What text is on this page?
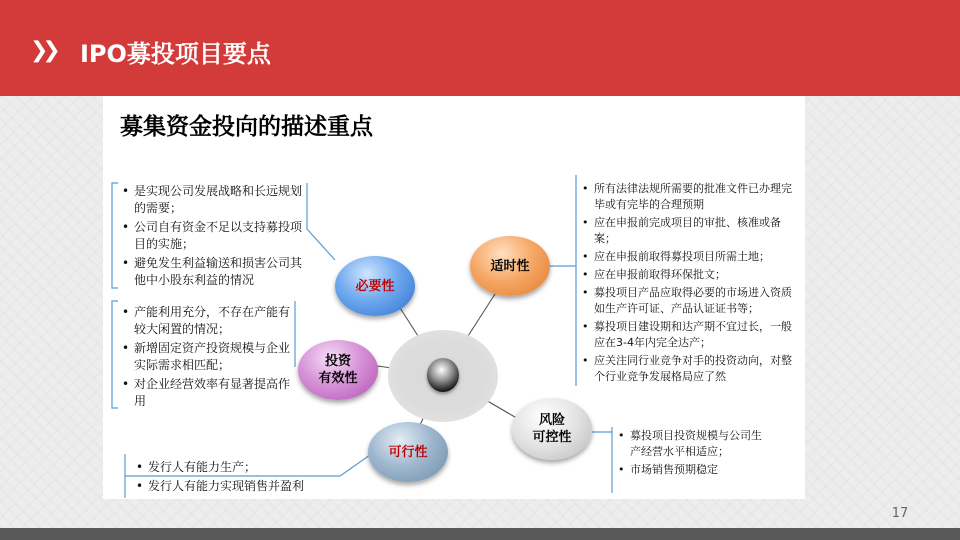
❯❯ IPO募投项目要点
募集资金投向的描述重点
必要性
适时性
投资
有效性
可行性
风险
可控性
• 是实现公司发展战略和长远规划的需要；
• 公司自有资金不足以支持募投项目的实施；
• 避免发生利益输送和损害公司其他中小股东利益的情况
• 产能利用充分，不存在产能有较大闲置的情况；
• 新增固定资产投资规模与企业实际需求相匹配；
• 对企业经营效率有显著提高作用
• 发行人有能力生产；
• 发行人有能力实现销售并盈利
• 所有法律法规所需要的批准文件已办理完毕或有完毕的合理预期
• 应在申报前完成项目的审批、核准或备案；
• 应在申报前取得募投项目所需土地；
• 应在申报前取得环保批文；
• 募投项目产品应取得必要的市场进入资质如生产许可证、产品认证证书等；
• 募投项目建设期和达产期不宜过长，一般应在3-4年内完全达产；
• 应关注同行业竞争对手的投资动向，对整个行业竞争发展格局应了然
• 募投项目投资规模与公司生产经营水平相适应；
• 市场销售预期稳定
17
